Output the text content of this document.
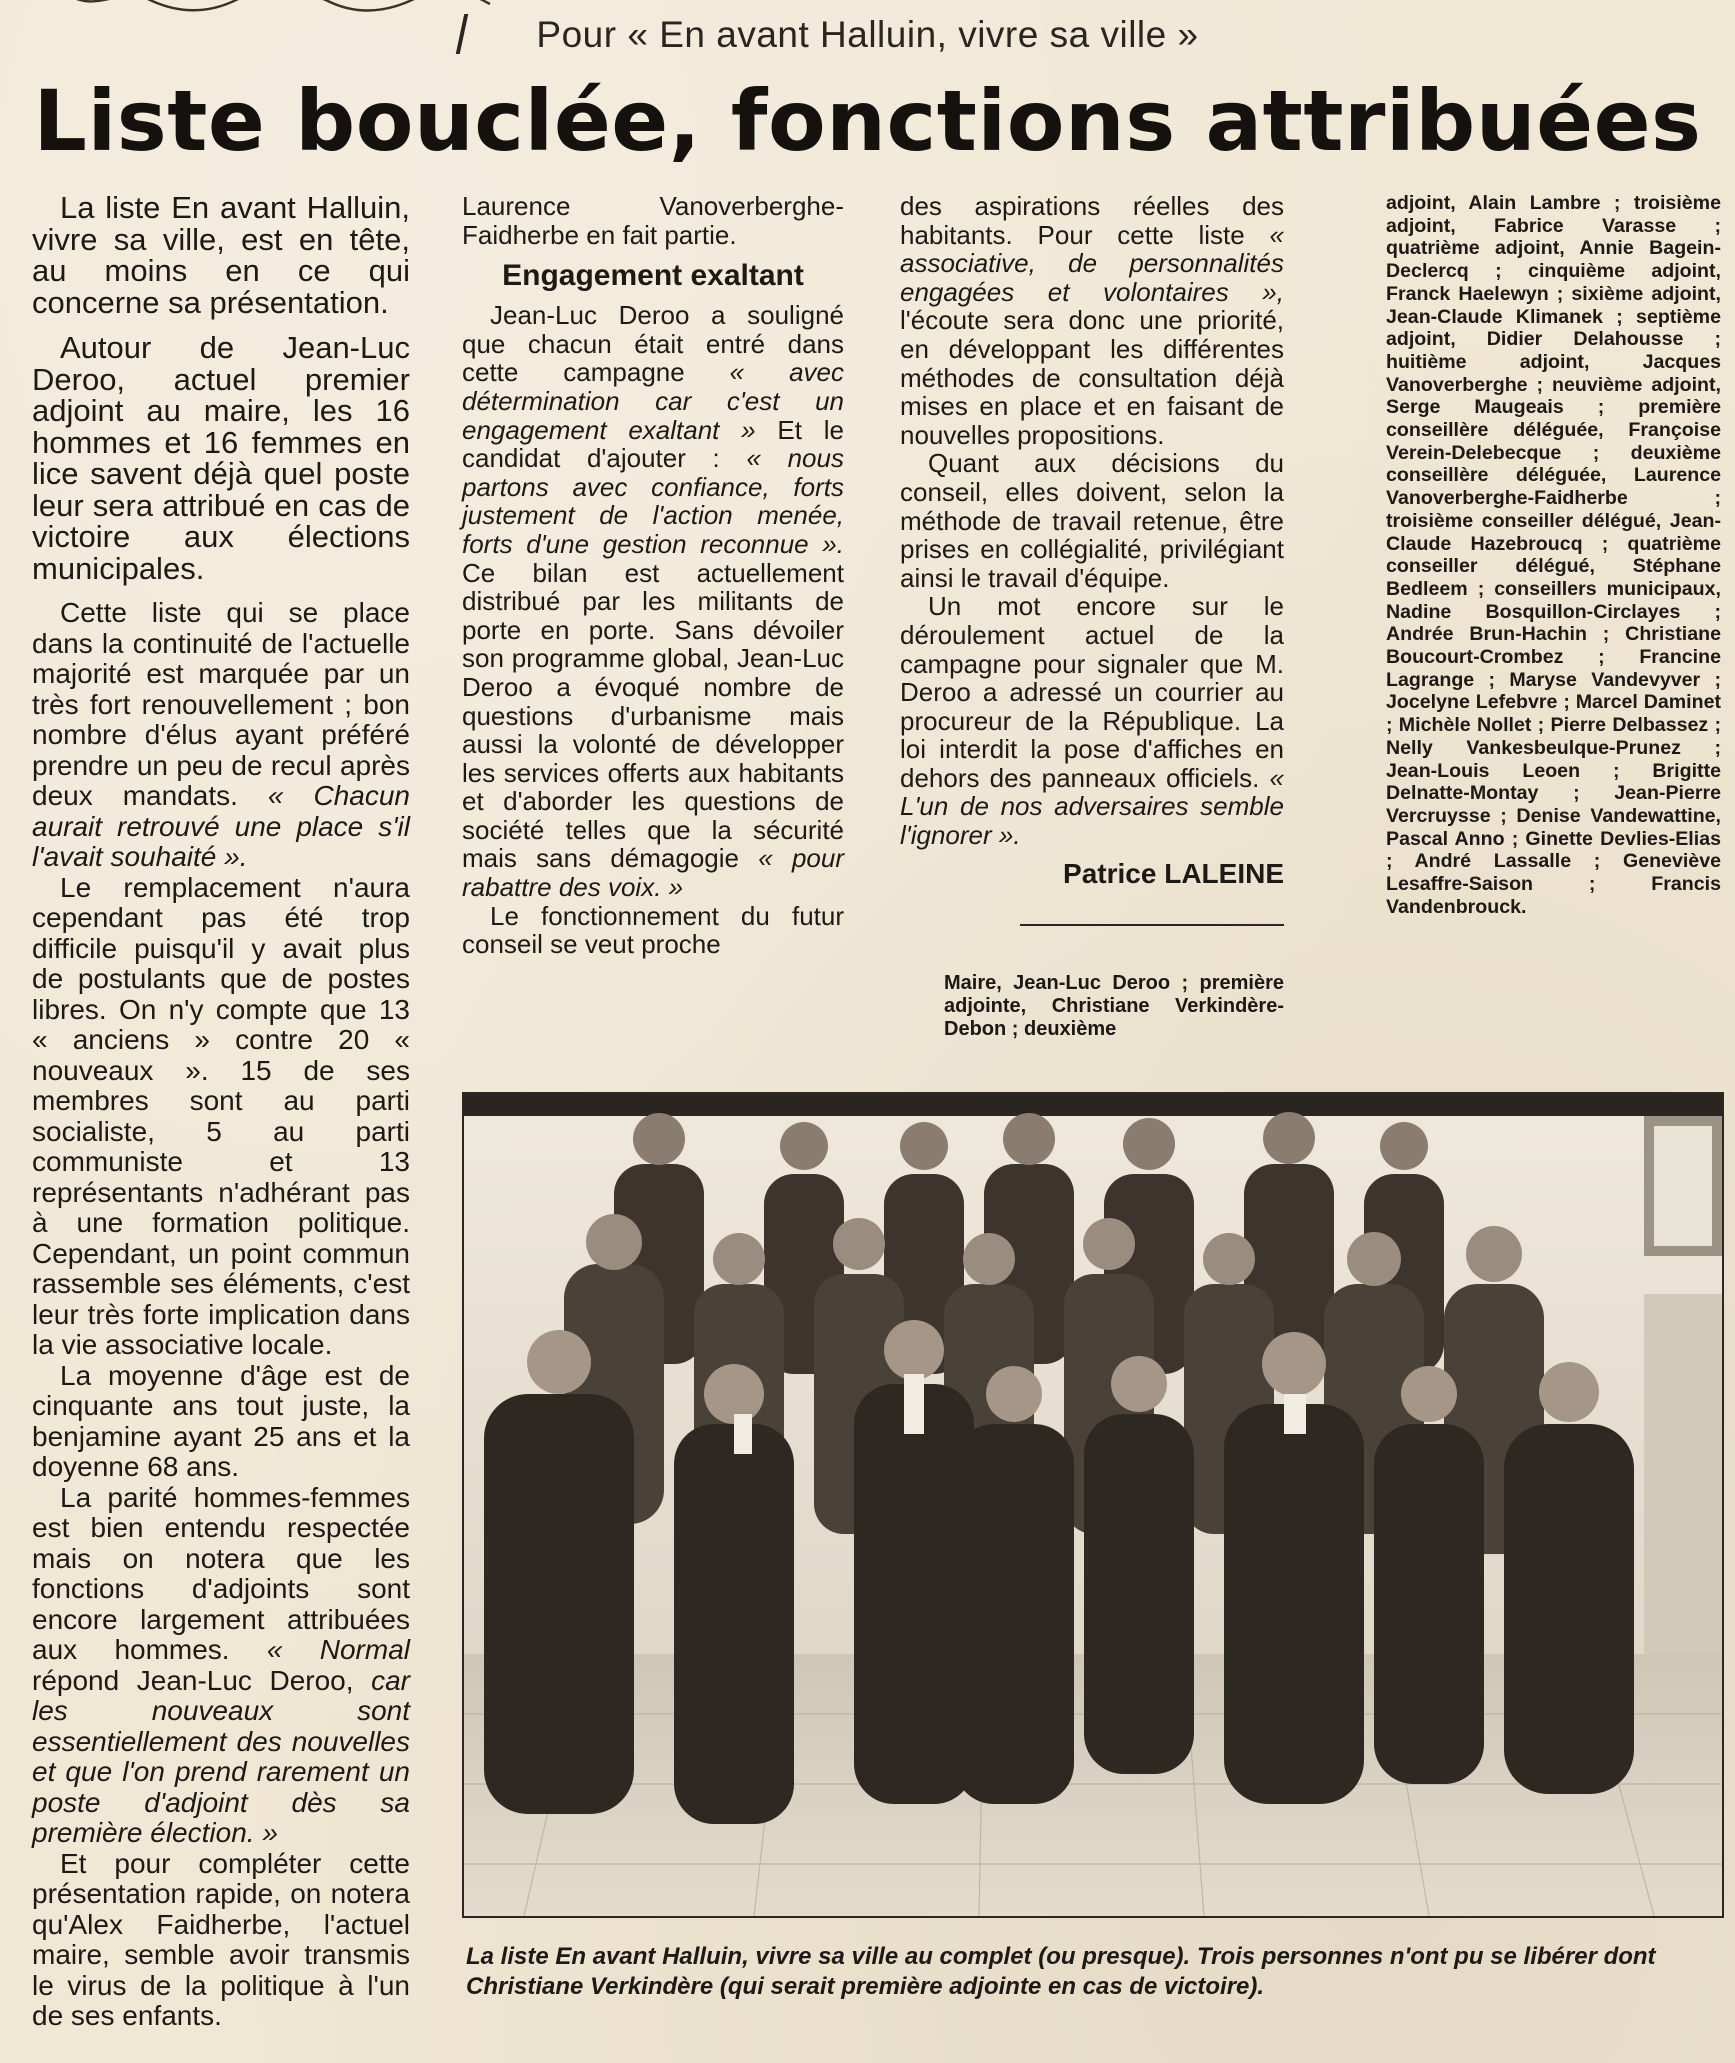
Pour « En avant Halluin, vivre sa ville »
Liste bouclée, fonctions attribuées

La liste En avant Halluin, vivre sa ville, est en tête, au moins en ce qui concerne sa présentation.

Autour de Jean-Luc Deroo, actuel premier adjoint au maire, les 16 hommes et 16 femmes en lice savent déjà quel poste leur sera attribué en cas de victoire aux élections municipales.

Cette liste qui se place dans la continuité de l'actuelle majorité est marquée par un très fort renouvellement ; bon nombre d'élus ayant préféré prendre un peu de recul après deux mandats. « Chacun aurait retrouvé une place s'il l'avait souhaité ».

Le remplacement n'aura cependant pas été trop difficile puisqu'il y avait plus de postulants que de postes libres. On n'y compte que 13 « anciens » contre 20 « nouveaux ». 15 de ses membres sont au parti socialiste, 5 au parti communiste et 13 représentants n'adhérant pas à une formation politique. Cependant, un point commun rassemble ses éléments, c'est leur très forte implication dans la vie associative locale.

La moyenne d'âge est de cinquante ans tout juste, la benjamine ayant 25 ans et la doyenne 68 ans.

La parité hommes-femmes est bien entendu respectée mais on notera que les fonctions d'adjoints sont encore largement attribuées aux hommes. « Normal répond Jean-Luc Deroo, car les nouveaux sont essentiellement des nouvelles et que l'on prend rarement un poste d'adjoint dès sa première élection. »

Et pour compléter cette présentation rapide, on notera qu'Alex Faidherbe, l'actuel maire, semble avoir transmis le virus de la politique à l'un de ses enfants.

Laurence Vanoverberghe-Faidherbe en fait partie.

Engagement exaltant

Jean-Luc Deroo a souligné que chacun était entré dans cette campagne « avec détermination car c'est un engagement exaltant » Et le candidat d'ajouter : « nous partons avec confiance, forts justement de l'action menée, forts d'une gestion reconnue ». Ce bilan est actuellement distribué par les militants de porte en porte. Sans dévoiler son programme global, Jean-Luc Deroo a évoqué nombre de questions d'urbanisme mais aussi la volonté de développer les services offerts aux habitants et d'aborder les questions de société telles que la sécurité mais sans démagogie « pour rabattre des voix. »

Le fonctionnement du futur conseil se veut proche

des aspirations réelles des habitants. Pour cette liste « associative, de personnalités engagées et volontaires », l'écoute sera donc une priorité, en développant les différentes méthodes de consultation déjà mises en place et en faisant de nouvelles propositions.

Quant aux décisions du conseil, elles doivent, selon la méthode de travail retenue, être prises en collégialité, privilégiant ainsi le travail d'équipe.

Un mot encore sur le déroulement actuel de la campagne pour signaler que M. Deroo a adressé un courrier au procureur de la République. La loi interdit la pose d'affiches en dehors des panneaux officiels. « L'un de nos adversaires semble l'ignorer ».

Patrice LALEINE

Maire, Jean-Luc Deroo ; première adjointe, Christiane Verkindère-Debon ; deuxième

adjoint, Alain Lambre ; troisième adjoint, Fabrice Varasse ; quatrième adjoint, Annie Bagein-Declercq ; cinquième adjoint, Franck Haelewyn ; sixième adjoint, Jean-Claude Klimanek ; septième adjoint, Didier Delahousse ; huitième adjoint, Jacques Vanoverberghe ; neuvième adjoint, Serge Maugeais ; première conseillère déléguée, Françoise Verein-Delebecque ; deuxième conseillère déléguée, Laurence Vanoverberghe-Faidherbe ; troisième conseiller délégué, Jean-Claude Hazebroucq ; quatrième conseiller délégué, Stéphane Bedleem ; conseillers municipaux, Nadine Bosquillon-Circlayes ; Andrée Brun-Hachin ; Christiane Boucourt-Crombez ; Francine Lagrange ; Maryse Vandevyver ; Jocelyne Lefebvre ; Marcel Daminet ; Michèle Nollet ; Pierre Delbassez ; Nelly Vankesbeulque-Prunez ; Jean-Louis Leoen ; Brigitte Delnatte-Montay ; Jean-Pierre Vercruysse ; Denise Vandewattine, Pascal Anno ; Ginette Devlies-Elias ; André Lassalle ; Geneviève Lesaffre-Saison ; Francis Vandenbrouck.

La liste En avant Halluin, vivre sa ville au complet (ou presque). Trois personnes n'ont pu se libérer dont Christiane Verkindère (qui serait première adjointe en cas de victoire).
